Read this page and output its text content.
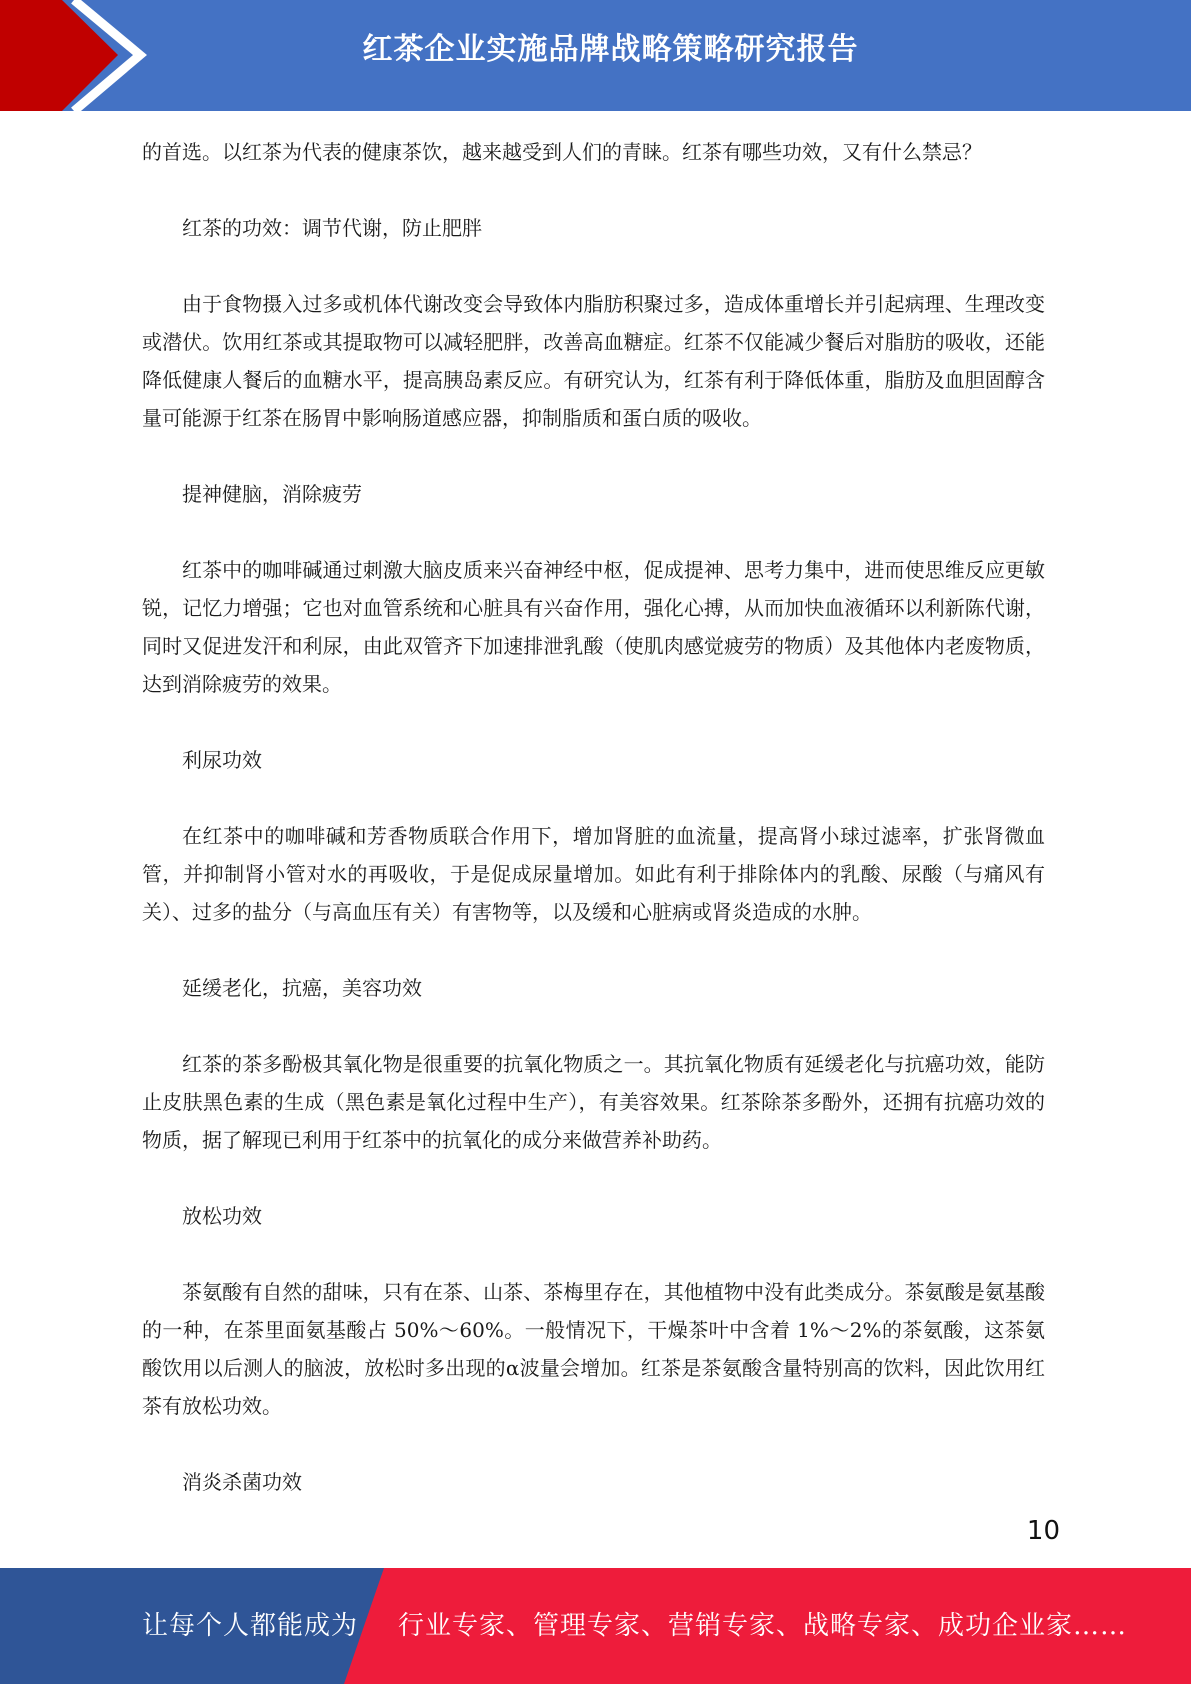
红茶企业实施品牌战略策略研究报告

的首选。以红茶为代表的健康茶饮，越来越受到人们的青睐。红茶有哪些功效，又有什么禁忌？

红茶的功效：调节代谢，防止肥胖

由于食物摄入过多或机体代谢改变会导致体内脂肪积聚过多，造成体重增长并引起病理、生理改变或潜伏。饮用红茶或其提取物可以减轻肥胖，改善高血糖症。红茶不仅能减少餐后对脂肪的吸收，还能降低健康人餐后的血糖水平，提高胰岛素反应。有研究认为，红茶有利于降低体重，脂肪及血胆固醇含量可能源于红茶在肠胃中影响肠道感应器，抑制脂质和蛋白质的吸收。

提神健脑，消除疲劳

红茶中的咖啡碱通过刺激大脑皮质来兴奋神经中枢，促成提神、思考力集中，进而使思维反应更敏锐，记忆力增强；它也对血管系统和心脏具有兴奋作用，强化心搏，从而加快血液循环以利新陈代谢，同时又促进发汗和利尿，由此双管齐下加速排泄乳酸（使肌肉感觉疲劳的物质）及其他体内老废物质，达到消除疲劳的效果。

利尿功效

在红茶中的咖啡碱和芳香物质联合作用下，增加肾脏的血流量，提高肾小球过滤率，扩张肾微血管，并抑制肾小管对水的再吸收，于是促成尿量增加。如此有利于排除体内的乳酸、尿酸（与痛风有关）、过多的盐分（与高血压有关）有害物等，以及缓和心脏病或肾炎造成的水肿。

延缓老化，抗癌，美容功效

红茶的茶多酚极其氧化物是很重要的抗氧化物质之一。其抗氧化物质有延缓老化与抗癌功效，能防止皮肤黑色素的生成（黑色素是氧化过程中生产），有美容效果。红茶除茶多酚外，还拥有抗癌功效的物质，据了解现已利用于红茶中的抗氧化的成分来做营养补助药。

放松功效

茶氨酸有自然的甜味，只有在茶、山茶、茶梅里存在，其他植物中没有此类成分。茶氨酸是氨基酸的一种，在茶里面氨基酸占 50%～60%。一般情况下，干燥茶叶中含着 1%～2%的茶氨酸，这茶氨酸饮用以后测人的脑波，放松时多出现的α波量会增加。红茶是茶氨酸含量特别高的饮料，因此饮用红茶有放松功效。

消炎杀菌功效

10
让每个人都能成为 行业专家、管理专家、营销专家、战略专家、成功企业家……
